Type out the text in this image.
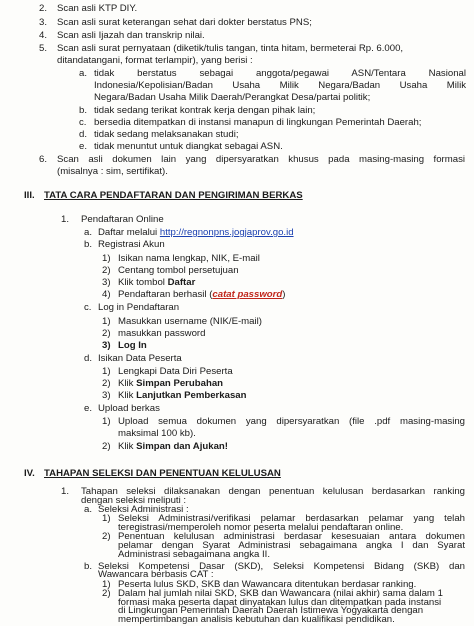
2. Scan asli KTP DIY.
3. Scan asli surat keterangan sehat dari dokter berstatus PNS;
4. Scan asli Ijazah dan transkrip nilai.
5. Scan asli surat pernyataan (diketik/tulis tangan, tinta hitam, bermeterai Rp. 6.000,
ditandatangani, format terlampir), yang berisi :
a. tidak berstatus sebagai anggota/pegawai ASN/Tentara Nasional
Indonesia/Kepolisian/Badan Usaha Milik Negara/Badan Usaha Milik
Negara/Badan Usaha Milik Daerah/Perangkat Desa/partai politik;
b. tidak sedang terikat kontrak kerja dengan pihak lain;
c. bersedia ditempatkan di instansi manapun di lingkungan Pemerintah Daerah;
d. tidak sedang melaksanakan studi;
e. tidak menuntut untuk diangkat sebagai ASN.
6. Scan asli dokumen lain yang dipersyaratkan khusus pada masing-masing formasi
(misalnya : sim, sertifikat).
III. TATA CARA PENDAFTARAN DAN PENGIRIMAN BERKAS
1. Pendaftaran Online
a. Daftar melalui http://regnonpns.jogjaprov.go.id
b. Registrasi Akun
1) Isikan nama lengkap, NIK, E-mail
2) Centang tombol persetujuan
3) Klik tombol Daftar
4) Pendaftaran berhasil (catat password)
c. Log in Pendaftaran
1) Masukkan username (NIK/E-mail)
2) masukkan password
3) Log In
d. Isikan Data Peserta
1) Lengkapi Data Diri Peserta
2) Klik Simpan Perubahan
3) Klik Lanjutkan Pemberkasan
e. Upload berkas
1) Upload semua dokumen yang dipersyaratkan (file .pdf masing-masing
maksimal 100 kb).
2) Klik Simpan dan Ajukan!
IV. TAHAPAN SELEKSI DAN PENENTUAN KELULUSAN
1. Tahapan seleksi dilaksanakan dengan penentuan kelulusan berdasarkan ranking
dengan seleksi meliputi :
a. Seleksi Administrasi :
1) Seleksi Administrasi/verifikasi pelamar berdasarkan pelamar yang telah
teregistrasi/memperoleh nomor peserta melalui pendaftaran online.
2) Penentuan kelulusan administrasi berdasar kesesuaian antara dokumen
pelamar dengan Syarat Administrasi sebagaimana angka I dan Syarat
Administrasi sebagaimana angka II.
b. Seleksi Kompetensi Dasar (SKD), Seleksi Kompetensi Bidang (SKB) dan
Wawancara berbasis CAT :
1) Peserta lulus SKD, SKB dan Wawancara ditentukan berdasar ranking.
2) Dalam hal jumlah nilai SKD, SKB dan Wawancara (nilai akhir) sama dalam 1
formasi maka peserta dapat dinyatakan lulus dan ditempatkan pada instansi
di Lingkungan Pemerintah Daerah Daerah Istimewa Yogyakarta dengan
mempertimbangan analisis kebutuhan dan kualifikasi pendidikan.
